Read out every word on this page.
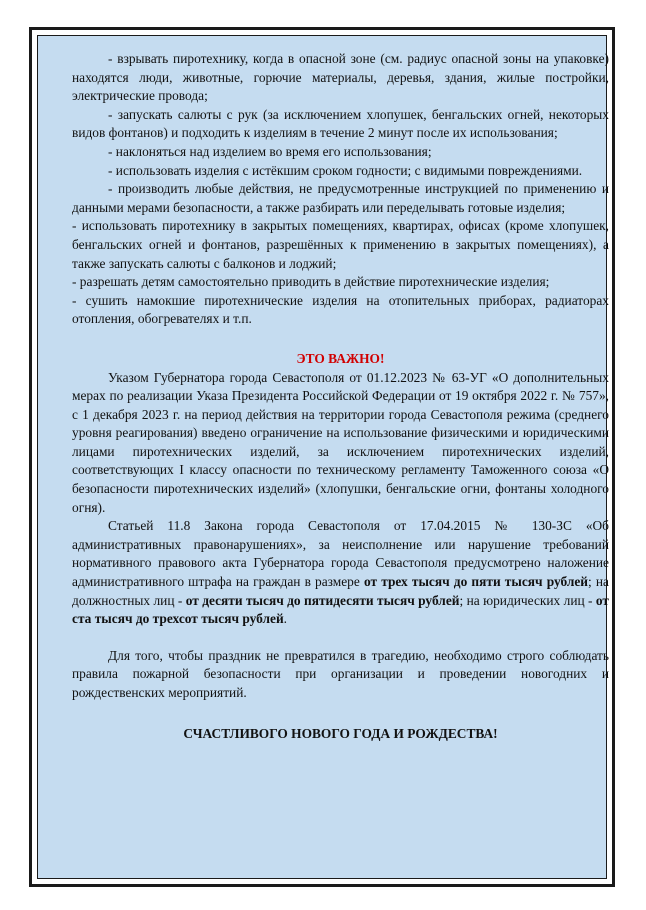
- взрывать пиротехнику, когда в опасной зоне (см. радиус опасной зоны на упаковке) находятся люди, животные, горючие материалы, деревья, здания, жилые постройки, электрические провода;

- запускать салюты с рук (за исключением хлопушек, бенгальских огней, некоторых видов фонтанов) и подходить к изделиям в течение 2 минут после их использования;

- наклоняться над изделием во время его использования;

- использовать изделия с истёкшим сроком годности; с видимыми повреждениями.

- производить любые действия, не предусмотренные инструкцией по применению и данными мерами безопасности, а также разбирать или переделывать готовые изделия;

- использовать пиротехнику в закрытых помещениях, квартирах, офисах (кроме хлопушек, бенгальских огней и фонтанов, разрешённых к применению в закрытых помещениях), а также запускать салюты с балконов и лоджий;

- разрешать детям самостоятельно приводить в действие пиротехнические изделия;

- сушить намокшие пиротехнические изделия на отопительных приборах, радиаторах отопления, обогревателях и т.п.

ЭТО ВАЖНО!

Указом Губернатора города Севастополя от 01.12.2023 № 63-УГ «О дополнительных мерах по реализации Указа Президента Российской Федерации от 19 октября 2022 г. № 757», с 1 декабря 2023 г. на период действия на территории города Севастополя режима (среднего уровня реагирования) введено ограничение на использование физическими и юридическими лицами пиротехнических изделий, за исключением пиротехнических изделий, соответствующих I классу опасности по техническому регламенту Таможенного союза «О безопасности пиротехнических изделий» (хлопушки, бенгальские огни, фонтаны холодного огня).

Статьей 11.8 Закона города Севастополя от 17.04.2015 № 130-ЗС «Об административных правонарушениях», за неисполнение или нарушение требований нормативного правового акта Губернатора города Севастополя предусмотрено наложение административного штрафа на граждан в размере от трех тысяч до пяти тысяч рублей; на должностных лиц - от десяти тысяч до пятидесяти тысяч рублей; на юридических лиц - от ста тысяч до трехсот тысяч рублей.

Для того, чтобы праздник не превратился в трагедию, необходимо строго соблюдать правила пожарной безопасности при организации и проведении новогодних и рождественских мероприятий.

СЧАСТЛИВОГО НОВОГО ГОДА И РОЖДЕСТВА!
